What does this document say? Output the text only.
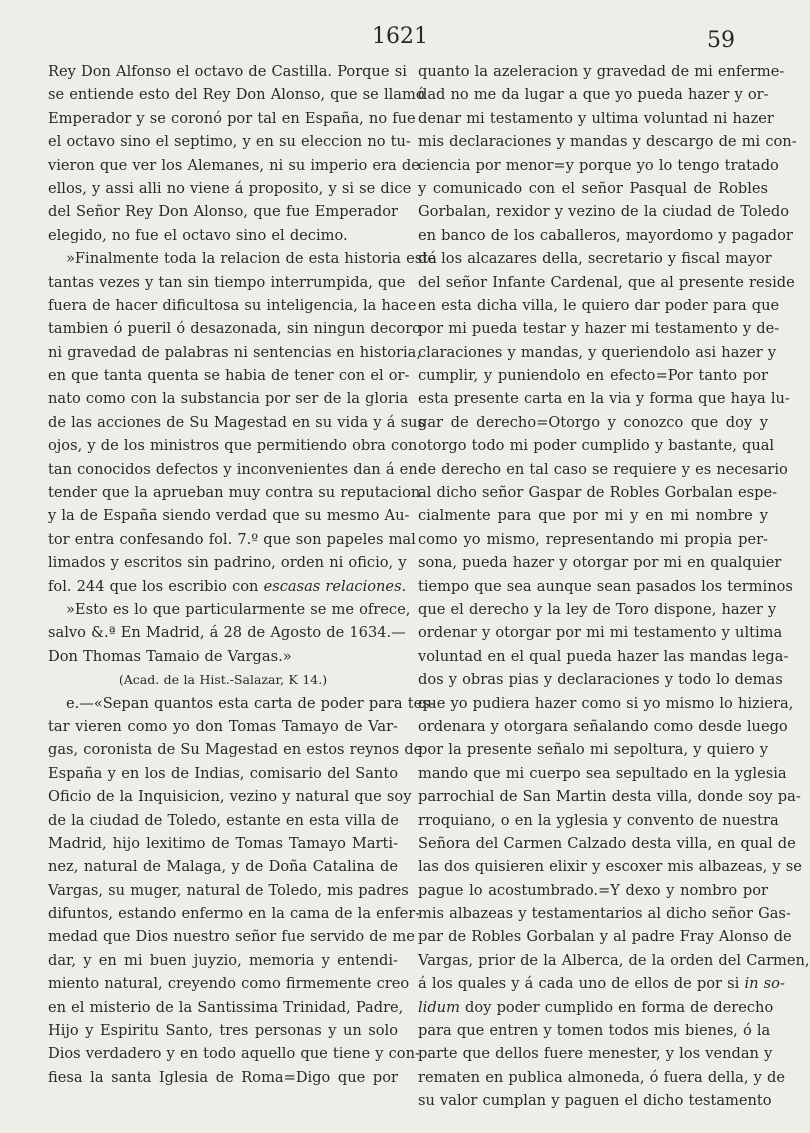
1621	59
Rey Don Alfonso el octavo de Castilla. Porque si
se entiende esto del Rey Don Alonso, que se llamó
Emperador y se coronó por tal en España, no fue
el octavo sino el septimo, y en su eleccion no tu-
vieron que ver los Alemanes, ni su imperio era de
ellos, y assi alli no viene á proposito, y si se dice
del Señor Rey Don Alonso, que fue Emperador
elegido, no fue el octavo sino el decimo.
»Finalmente toda la relacion de esta historia está
tantas vezes y tan sin tiempo interrumpida, que
fuera de hacer dificultosa su inteligencia, la hace
tambien ó pueril ó desazonada, sin ningun decoro
ni gravedad de palabras ni sentencias en historia,
en que tanta quenta se habia de tener con el or-
nato como con la substancia por ser de la gloria
de las acciones de Su Magestad en su vida y á sus
ojos, y de los ministros que permitiendo obra con
tan conocidos defectos y inconvenientes dan á en-
tender que la aprueban muy contra su reputacion
y la de España siendo verdad que su mesmo Au-
tor entra confesando fol. 7.º que son papeles mal
limados y escritos sin padrino, orden ni oficio, y
fol. 244 que los escribio con escasas relaciones.
»Esto es lo que particularmente se me ofrece,
salvo &.ª En Madrid, á 28 de Agosto de 1634.—
Don Thomas Tamaio de Vargas.»
(Acad. de la Hist.-Salazar, K 14.)
e.—«Sepan quantos esta carta de poder para tes-
tar vieren como yo don Tomas Tamayo de Var-
gas, coronista de Su Magestad en estos reynos de
España y en los de Indias, comisario del Santo
Oficio de la Inquisicion, vezino y natural que soy
de la ciudad de Toledo, estante en esta villa de
Madrid, hijo lexitimo de Tomas Tamayo Marti-
nez, natural de Malaga, y de Doña Catalina de
Vargas, su muger, natural de Toledo, mis padres
difuntos, estando enfermo en la cama de la enfer-
medad que Dios nuestro señor fue servido de me
dar, y en mi buen juyzio, memoria y entendi-
miento natural, creyendo como firmemente creo
en el misterio de la Santissima Trinidad, Padre,
Hijo y Espiritu Santo, tres personas y un solo
Dios verdadero y en todo aquello que tiene y con-
fiesa la santa Iglesia de Roma=Digo que por
quanto la azeleracion y gravedad de mi enferme-
dad no me da lugar a que yo pueda hazer y or-
denar mi testamento y ultima voluntad ni hazer
mis declaraciones y mandas y descargo de mi con-
ciencia por menor=y porque yo lo tengo tratado
y comunicado con el señor Pasqual de Robles
Gorbalan, rexidor y vezino de la ciudad de Toledo
en banco de los caballeros, mayordomo y pagador
de los alcazares della, secretario y fiscal mayor
del señor Infante Cardenal, que al presente reside
en esta dicha villa, le quiero dar poder para que
por mi pueda testar y hazer mi testamento y de-
claraciones y mandas, y queriendolo asi hazer y
cumplir, y puniendolo en efecto=Por tanto por
esta presente carta en la via y forma que haya lu-
gar de derecho=Otorgo y conozco que doy y
otorgo todo mi poder cumplido y bastante, qual
de derecho en tal caso se requiere y es necesario
al dicho señor Gaspar de Robles Gorbalan espe-
cialmente para que por mi y en mi nombre y
como yo mismo, representando mi propia per-
sona, pueda hazer y otorgar por mi en qualquier
tiempo que sea aunque sean pasados los terminos
que el derecho y la ley de Toro dispone, hazer y
ordenar y otorgar por mi mi testamento y ultima
voluntad en el qual pueda hazer las mandas lega-
dos y obras pias y declaraciones y todo lo demas
que yo pudiera hazer como si yo mismo lo hiziera,
ordenara y otorgara señalando como desde luego
por la presente señalo mi sepoltura, y quiero y
mando que mi cuerpo sea sepultado en la yglesia
parrochial de San Martin desta villa, donde soy pa-
rroquiano, o en la yglesia y convento de nuestra
Señora del Carmen Calzado desta villa, en qual de
las dos quisieren elixir y escoxer mis albazeas, y se
pague lo acostumbrado.=Y dexo y nombro por
mis albazeas y testamentarios al dicho señor Gas-
par de Robles Gorbalan y al padre Fray Alonso de
Vargas, prior de la Alberca, de la orden del Carmen,
á los quales y á cada uno de ellos de por si in so-
lidum doy poder cumplido en forma de derecho
para que entren y tomen todos mis bienes, ó la
parte que dellos fuere menester, y los vendan y
rematen en publica almoneda, ó fuera della, y de
su valor cumplan y paguen el dicho testamento
